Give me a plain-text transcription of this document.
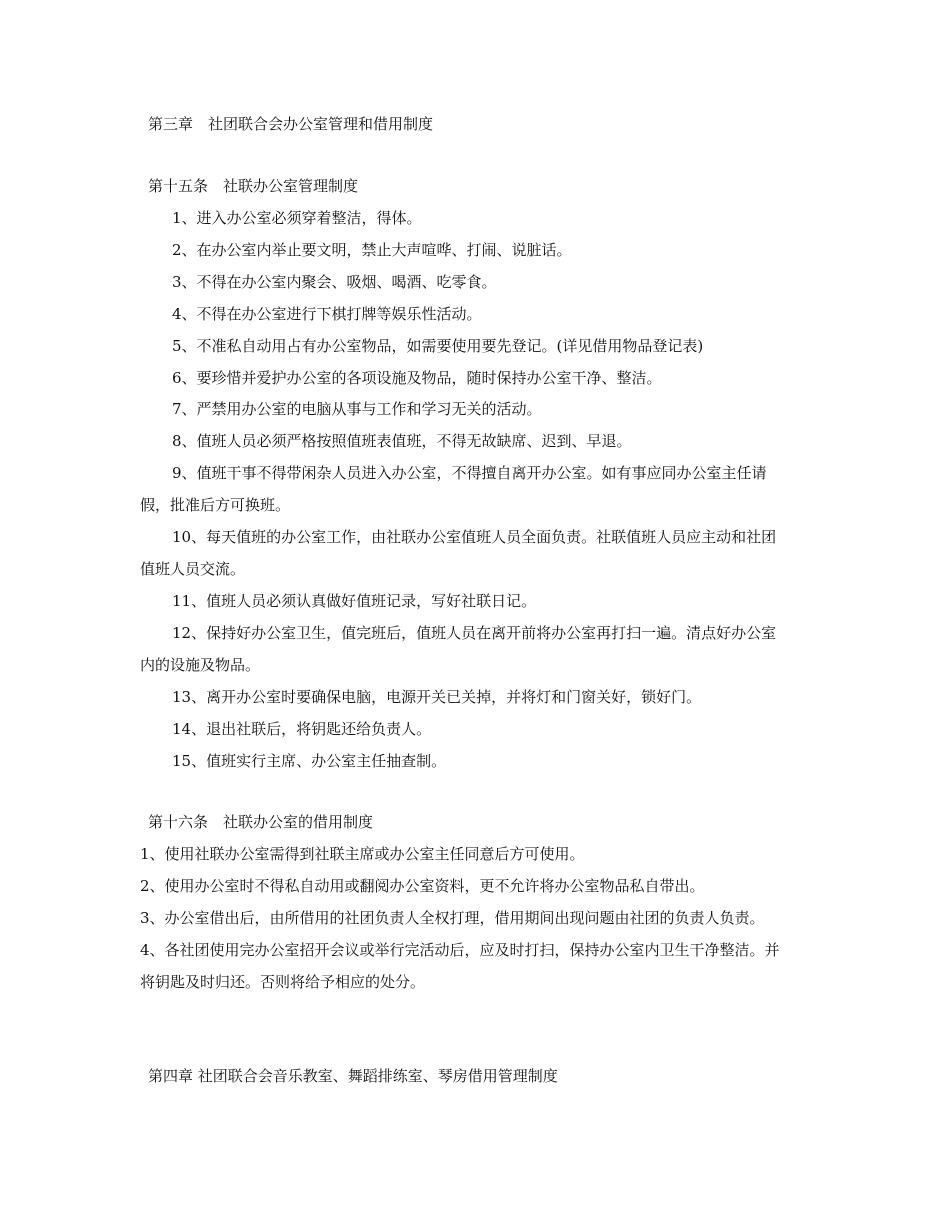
第三章　社团联合会办公室管理和借用制度
第十五条　社联办公室管理制度
1、进入办公室必须穿着整洁，得体。
2、在办公室内举止要文明，禁止大声喧哗、打闹、说脏话。
3、不得在办公室内聚会、吸烟、喝酒、吃零食。
4、不得在办公室进行下棋打牌等娱乐性活动。
5、不准私自动用占有办公室物品，如需要使用要先登记。(详见借用物品登记表)
6、要珍惜并爱护办公室的各项设施及物品，随时保持办公室干净、整洁。
7、严禁用办公室的电脑从事与工作和学习无关的活动。
8、值班人员必须严格按照值班表值班，不得无故缺席、迟到、早退。
9、值班干事不得带闲杂人员进入办公室，不得擅自离开办公室。如有事应同办公室主任请
假，批准后方可换班。
10、每天值班的办公室工作，由社联办公室值班人员全面负责。社联值班人员应主动和社团
值班人员交流。
11、值班人员必须认真做好值班记录，写好社联日记。
12、保持好办公室卫生，值完班后，值班人员在离开前将办公室再打扫一遍。清点好办公室
内的设施及物品。
13、离开办公室时要确保电脑，电源开关已关掉，并将灯和门窗关好，锁好门。
14、退出社联后，将钥匙还给负责人。
15、值班实行主席、办公室主任抽查制。
第十六条　社联办公室的借用制度
1、使用社联办公室需得到社联主席或办公室主任同意后方可使用。
2、使用办公室时不得私自动用或翻阅办公室资料，更不允许将办公室物品私自带出。
3、办公室借出后，由所借用的社团负责人全权打理，借用期间出现问题由社团的负责人负责。
4、各社团使用完办公室招开会议或举行完活动后，应及时打扫，保持办公室内卫生干净整洁。并
将钥匙及时归还。否则将给予相应的处分。
第四章 社团联合会音乐教室、舞蹈排练室、琴房借用管理制度
